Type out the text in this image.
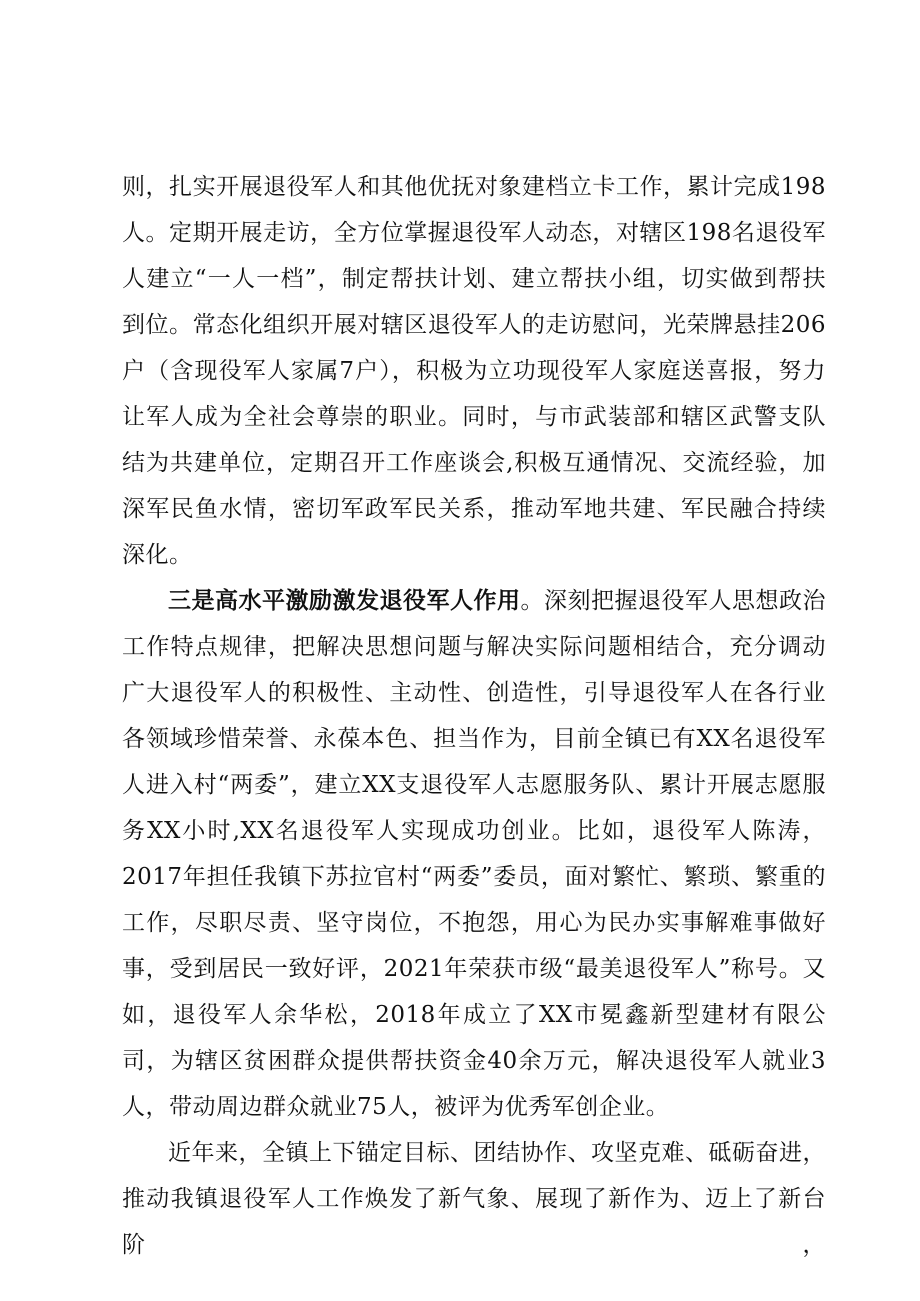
则，扎实开展退役军人和其他优抚对象建档立卡工作，累计完成198人。定期开展走访，全方位掌握退役军人动态，对辖区198名退役军人建立“一人一档”，制定帮扶计划、建立帮扶小组，切实做到帮扶到位。常态化组织开展对辖区退役军人的走访慰问，光荣牌悬挂206户（含现役军人家属7户），积极为立功现役军人家庭送喜报，努力让军人成为全社会尊崇的职业。同时，与市武装部和辖区武警支队结为共建单位，定期召开工作座谈会,积极互通情况、交流经验，加深军民鱼水情，密切军政军民关系，推动军地共建、军民融合持续深化。

三是高水平激励激发退役军人作用。深刻把握退役军人思想政治工作特点规律，把解决思想问题与解决实际问题相结合，充分调动广大退役军人的积极性、主动性、创造性，引导退役军人在各行业各领域珍惜荣誉、永葆本色、担当作为，目前全镇已有XX名退役军人进入村“两委”，建立XX支退役军人志愿服务队、累计开展志愿服务XX小时,XX名退役军人实现成功创业。比如，退役军人陈涛，2017年担任我镇下苏拉官村“两委”委员，面对繁忙、繁琐、繁重的工作，尽职尽责、坚守岗位，不抱怨，用心为民办实事解难事做好事，受到居民一致好评，2021年荣获市级“最美退役军人”称号。又如，退役军人余华松，2018年成立了XX市冕鑫新型建材有限公司，为辖区贫困群众提供帮扶资金40余万元，解决退役军人就业3人，带动周边群众就业75人，被评为优秀军创企业。

近年来，全镇上下锚定目标、团结协作、攻坚克难、砥砺奋进，推动我镇退役军人工作焕发了新气象、展现了新作为、迈上了新台阶，
